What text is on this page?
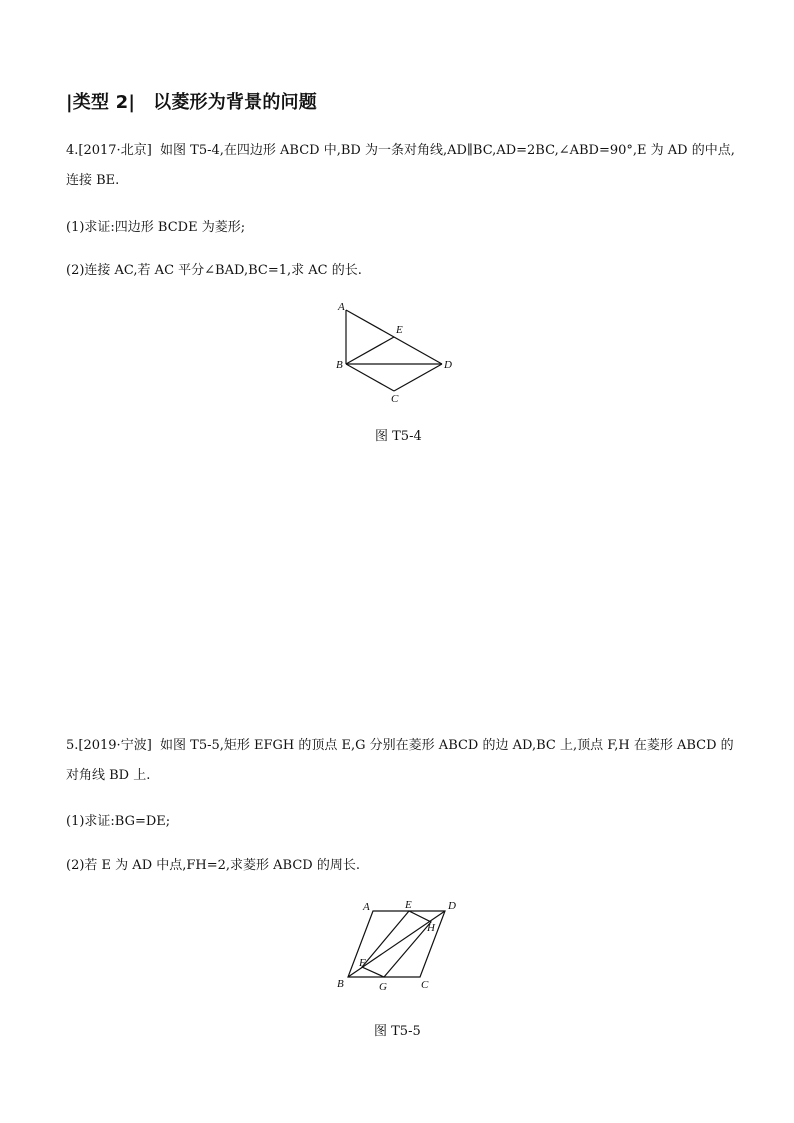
|类型 2| 以菱形为背景的问题
4.[2017·北京] 如图 T5-4,在四边形 ABCD 中,BD 为一条对角线,AD∥BC,AD=2BC,∠ABD=90°,E 为 AD 的中点,
连接 BE.
(1)求证:四边形 BCDE 为菱形;
(2)连接 AC,若 AC 平分∠BAD,BC=1,求 AC 的长.
A
B
C
D
E
图 T5-4
5.[2019·宁波] 如图 T5-5,矩形 EFGH 的顶点 E,G 分别在菱形 ABCD 的边 AD,BC 上,顶点 F,H 在菱形 ABCD 的
对角线 BD 上.
(1)求证:BG=DE;
(2)若 E 为 AD 中点,FH=2,求菱形 ABCD 的周长.
A
B	C
D
E
F
G
H
图 T5-5
